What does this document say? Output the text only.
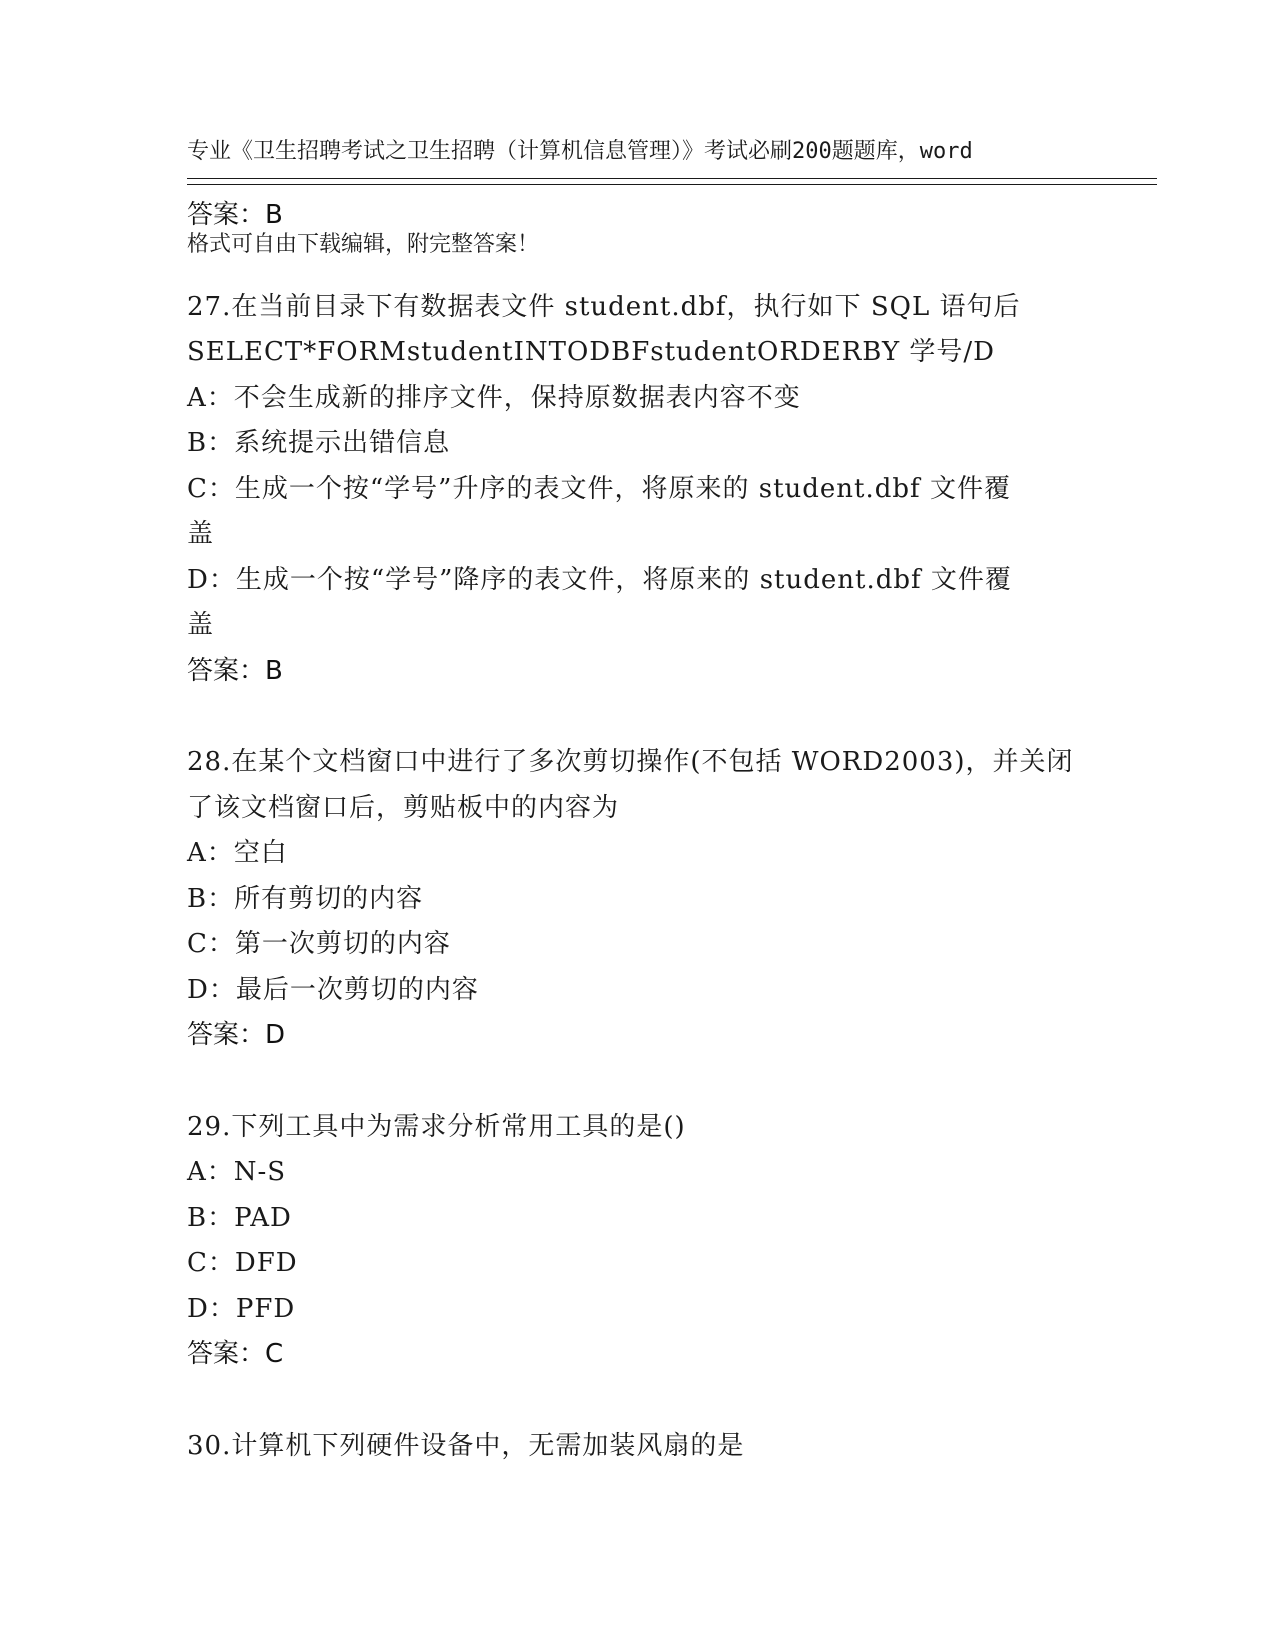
专业《卫生招聘考试之卫生招聘（计算机信息管理）》考试必刷200题题库，word

格式可自由下载编辑，附完整答案！

答案：B
27.在当前目录下有数据表文件 student.dbf，执行如下 SQL 语句后
SELECT*FORMstudentINTODBFstudentORDERBY 学号/D
A：不会生成新的排序文件，保持原数据表内容不变
B：系统提示出错信息
C：生成一个按“学号”升序的表文件，将原来的 student.dbf 文件覆
盖
D：生成一个按“学号”降序的表文件，将原来的 student.dbf 文件覆
盖
答案：B
28.在某个文档窗口中进行了多次剪切操作(不包括 WORD2003)，并关闭
了该文档窗口后，剪贴板中的内容为
A：空白
B：所有剪切的内容
C：第一次剪切的内容
D：最后一次剪切的内容
答案：D
29.下列工具中为需求分析常用工具的是()
A：N-S
B：PAD
C：DFD
D：PFD
答案：C
30.计算机下列硬件设备中，无需加装风扇的是
